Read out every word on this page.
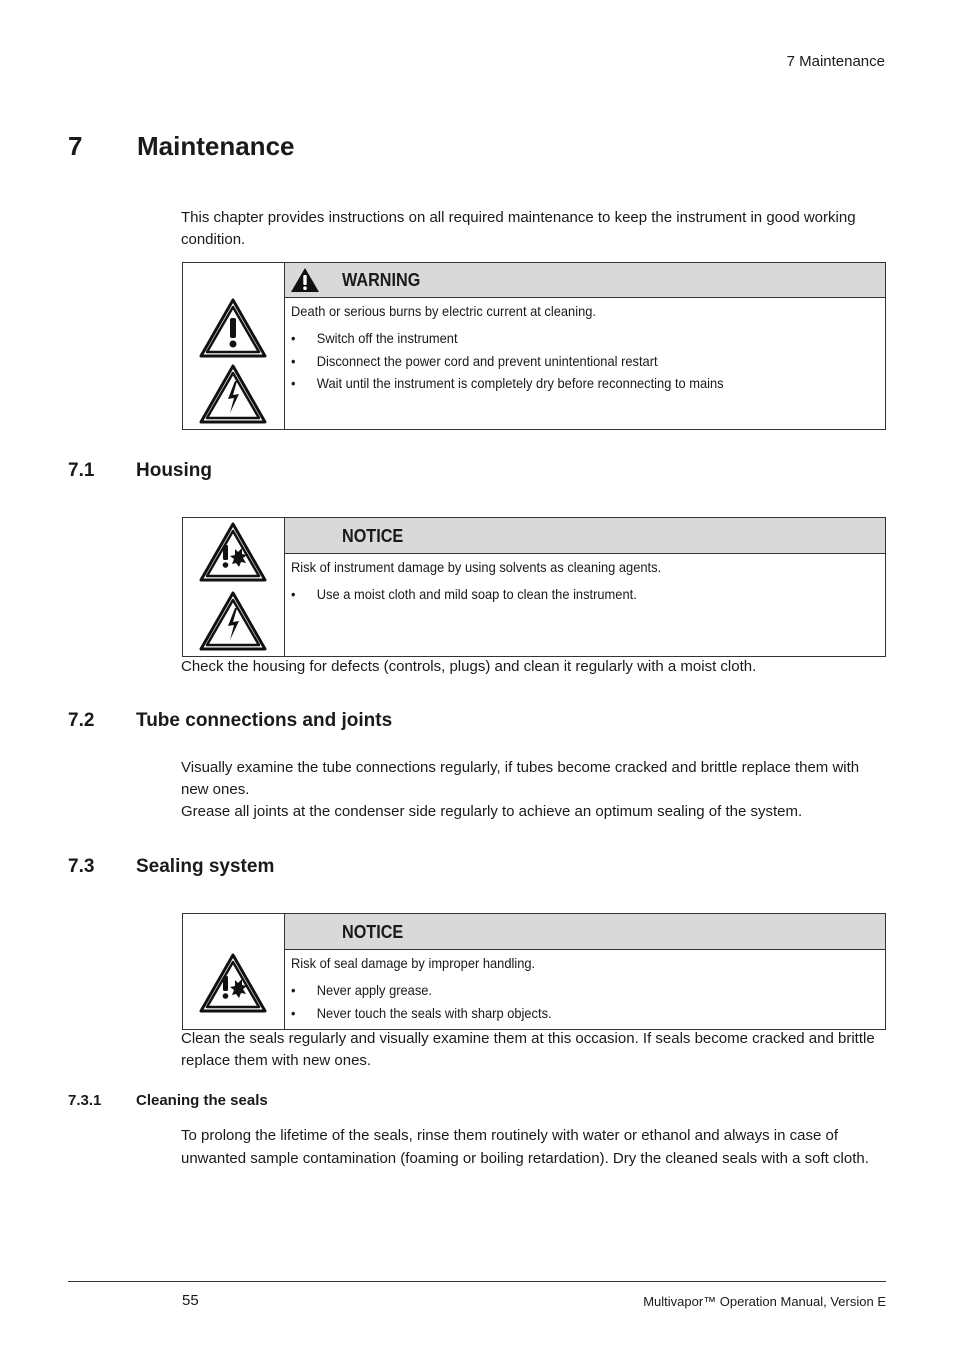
7 Maintenance
7 Maintenance

This chapter provides instructions on all required maintenance to keep the instrument in good working condition.

WARNING

Death or serious burns by electric current at cleaning.

• Switch off the instrument
• Disconnect the power cord and prevent unintentional restart
• Wait until the instrument is completely dry before reconnecting to mains
7.1 Housing
NOTICE

Risk of instrument damage by using solvents as cleaning agents.

• Use a moist cloth and mild soap to clean the instrument.

Check the housing for defects (controls, plugs) and clean it regularly with a moist cloth.

7.2 Tube connections and joints

Visually examine the tube connections regularly, if tubes become cracked and brittle replace them with new ones.

Grease all joints at the condenser side regularly to achieve an optimum sealing of the system.

7.3 Sealing system
NOTICE

Risk of seal damage by improper handling.

• Never apply grease.
• Never touch the seals with sharp objects.

Clean the seals regularly and visually examine them at this occasion. If seals become cracked and brittle replace them with new ones.

7.3.1 Cleaning the seals

To prolong the lifetime of the seals, rinse them routinely with water or ethanol and always in case of unwanted sample contamination (foaming or boiling retardation). Dry the cleaned seals with a soft cloth.

55	Multivapor™ Operation Manual, Version E
